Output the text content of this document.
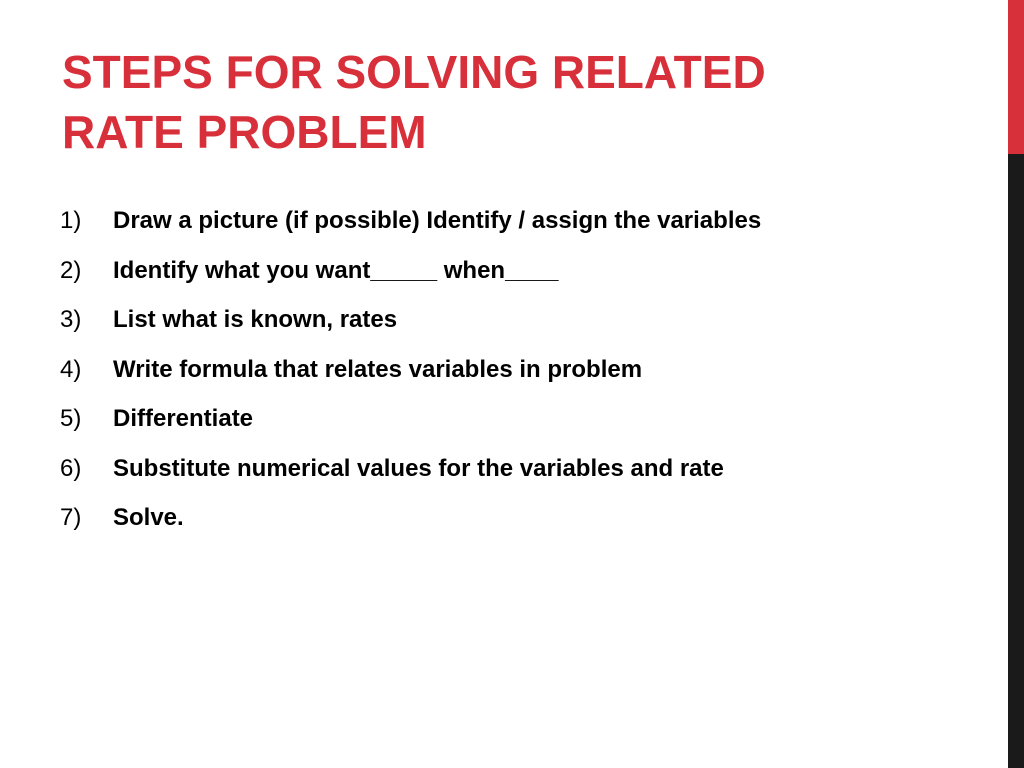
STEPS FOR SOLVING RELATED
RATE PROBLEM
1)	Draw a picture (if possible) Identify / assign the variables
2)	Identify what you want_____ when____
3)	List what is known, rates
4)	Write formula that relates variables in problem
5)	Differentiate
6)	Substitute numerical values for the variables and rate
7)	Solve.
